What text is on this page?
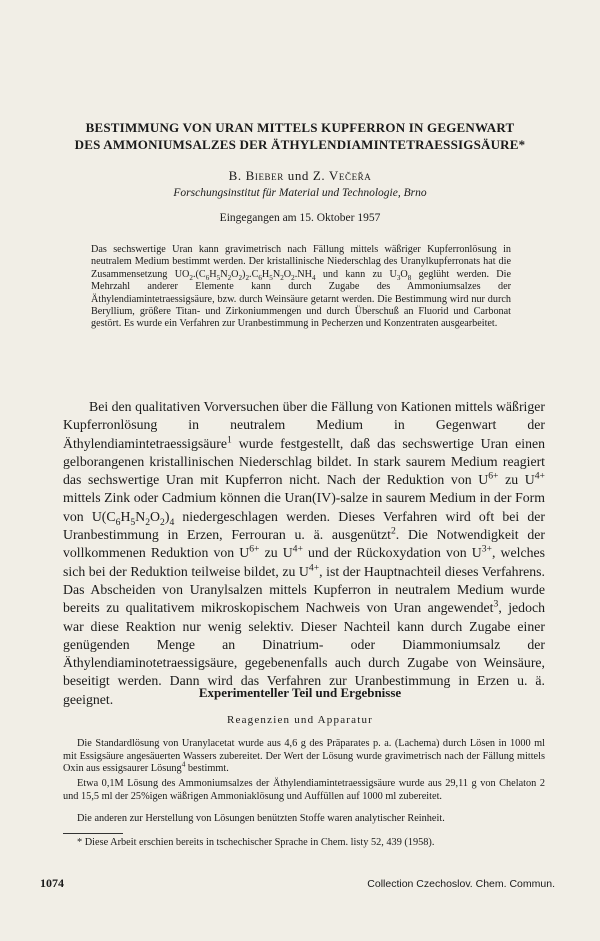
BESTIMMUNG VON URAN MITTELS KUPFERRON IN GEGENWART
DES AMMONIUMSALZES DER ÄTHYLENDIAMINTETRAESSIGSÄURE*
B. Bieber und Z. Večeřa
Forschungsinstitut für Material und Technologie, Brno
Eingegangen am 15. Oktober 1957

Das sechswertige Uran kann gravimetrisch nach Fällung mittels wäßriger Kupferronlösung in neutralem Medium bestimmt werden. Der kristallinische Niederschlag des Uranylkupferronats hat die Zusammensetzung $UO_2.(C_6H_5N_2O_2)_2.C_6H_5N_2O_2.NH_4$ und kann zu $U_3O_8$ geglüht werden. Die Mehrzahl anderer Elemente kann durch Zugabe des Ammoniumsalzes der Äthylendiamintetraessigsäure, bzw. durch Weinsäure getarnt werden. Die Bestimmung wird nur durch Beryllium, größere Titan- und Zirkoniummengen und durch Überschuß an Fluorid und Carbonat gestört. Es wurde ein Verfahren zur Uranbestimmung in Pecherzen und Konzentraten ausgearbeitet.

Bei den qualitativen Vorversuchen über die Fällung von Kationen mittels wäßriger Kupferronlösung in neutralem Medium in Gegenwart der Äthylendiamintetraessigsäure$^1$ wurde festgestellt, daß das sechswertige Uran einen gelborangenen kristallinischen Niederschlag bildet. In stark saurem Medium reagiert das sechswertige Uran mit Kupferron nicht. Nach der Reduktion von $U^{6+}$ zu $U^{4+}$ mittels Zink oder Cadmium können die Uran(IV)-salze in saurem Medium in der Form von $U(C_6H_5N_2O_2)_4$ niedergeschlagen werden. Dieses Verfahren wird oft bei der Uranbestimmung in Erzen, Ferrouran u. ä. ausgenützt$^2$. Die Notwendigkeit der vollkommenen Reduktion von $U^{6+}$ zu $U^{4+}$ und der Rückoxydation von $U^{3+}$, welches sich bei der Reduktion teilweise bildet, zu $U^{4+}$, ist der Hauptnachteil dieses Verfahrens. Das Abscheiden von Uranylsalzen mittels Kupferron in neutralem Medium wurde bereits zu qualitativem mikroskopischem Nachweis von Uran angewendet$^3$, jedoch war diese Reaktion nur wenig selektiv. Dieser Nachteil kann durch Zugabe einer genügenden Menge an Dinatrium- oder Diammoniumsalz der Äthylendiaminotetraessigsäure, gegebenenfalls auch durch Zugabe von Weinsäure, beseitigt werden. Dann wird das Verfahren zur Uranbestimmung in Erzen u. ä. geeignet.	Experimenteller Teil und Ergebnisse
Reagenzien und Apparatur

Die Standardlösung von Uranylacetat wurde aus 4,6 g des Präparates p. a. (Lachema) durch Lösen in 1000 ml mit Essigsäure angesäuerten Wassers zubereitet. Der Wert der Lösung wurde gravimetrisch nach der Fällung mittels Oxin aus essigsaurer Lösung$^4$ bestimmt.

Etwa 0,1M Lösung des Ammoniumsalzes der Äthylendiamintetraessigsäure wurde aus 29,11 g von Chelaton 2 und 15,5 ml der 25%igen wäßrigen Ammoniaklösung und Auffüllen auf 1000 ml zubereitet.

Die anderen zur Herstellung von Lösungen benützten Stoffe waren analytischer Reinheit.

* Diese Arbeit erschien bereits in tschechischer Sprache in Chem. listy 52, 439 (1958).

1074	Collection Czechoslov. Chem. Commun.
